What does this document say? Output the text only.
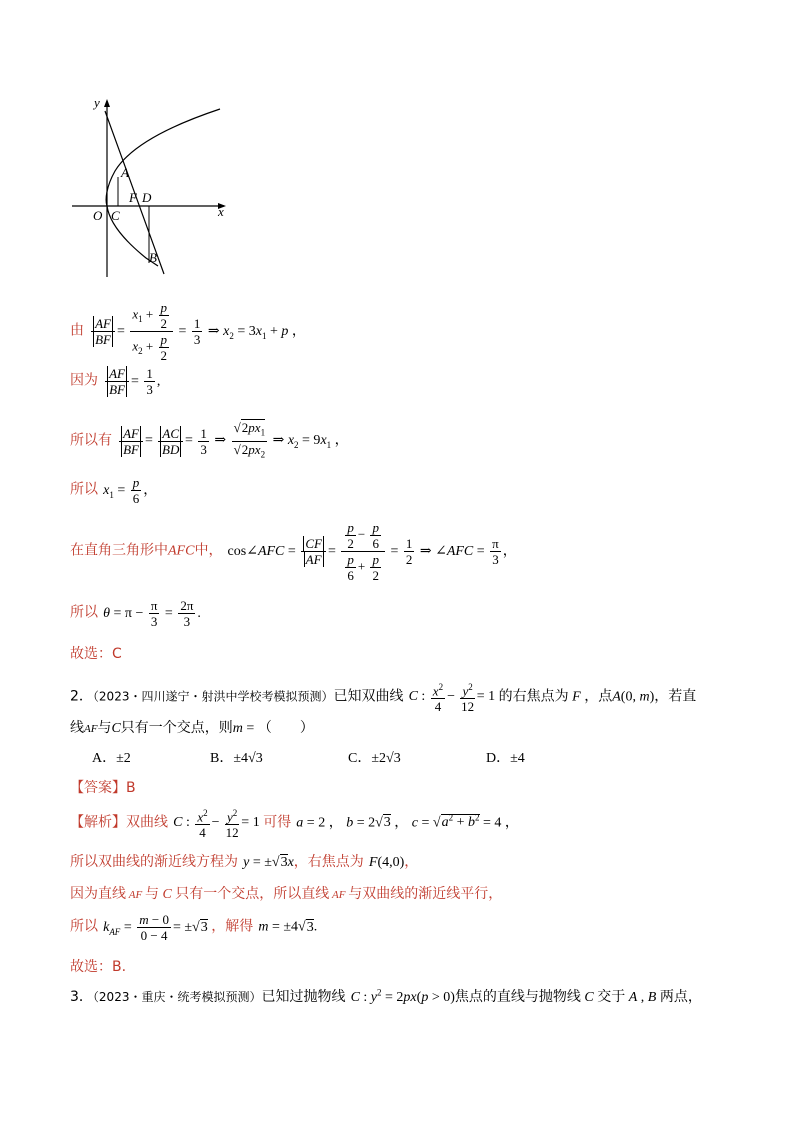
y
x
A
F D
O C
B
由 $\frac{AF}{BF} = \frac{x_1 + \frac{p}{2}}{x_2 + \frac{p}{2}} = \frac{1}{3}$ ⇒ $x_2 = 3x_1 + p$ ，
因为 $\frac{AF}{BF} = \frac{1}{3}$ ,
所以有 $\frac{AF}{BF} = \frac{AC}{BD} = \frac{1}{3}$ ⇒ $\frac{√2px_1}{√2px_2}$ ⇒ $x_2 = 9x_1$ ，
所以 $x_1 = \frac{p}{6}$ ，
在直角三角形中AFC中， cos∠AFC = $\frac{CF}{AF} = \frac{\frac{p}{2} - \frac{p}{6}}{\frac{p}{6} + \frac{p}{2}} = \frac{1}{2}$ ⇒ ∠AFC = $\frac{\pi}{3}$ ，
所以 $\theta = \pi - \frac{\pi}{3} = \frac{2\pi}{3}$ .
故选：C
2．（2023・四川遂宁・射洪中学校考模拟预测）已知双曲线 C : $\frac{x^2}{4} - \frac{y^2}{12} = 1$ 的右焦点为 F ，点A(0, m)，若直
线AF与C只有一个交点，则m = （　　）
A．±2	B．±4√3	C．±2√3	D．±4
【答案】B
【解析】双曲线 C : $\frac{x^2}{4} - \frac{y^2}{12} = 1$ 可得 a = 2 ， b = 2√3 ， $c = √a^2 + b^2 = 4$ ，
所以双曲线的渐近线方程为 y = ±√3x，右焦点为 F(4,0)，
因为直线 AF 与 C 只有一个交点，所以直线 AF 与双曲线的渐近线平行，
所以 $k_{AF} = \frac{m - 0}{0 - 4} = \pm√3$ ，解得 m = ±4√3.
故选：B.
3．（2023・重庆・统考模拟预测）已知过抛物线 C : $y^2 = 2px(p > 0)$焦点的直线与抛物线 C 交于 A , B 两点，
